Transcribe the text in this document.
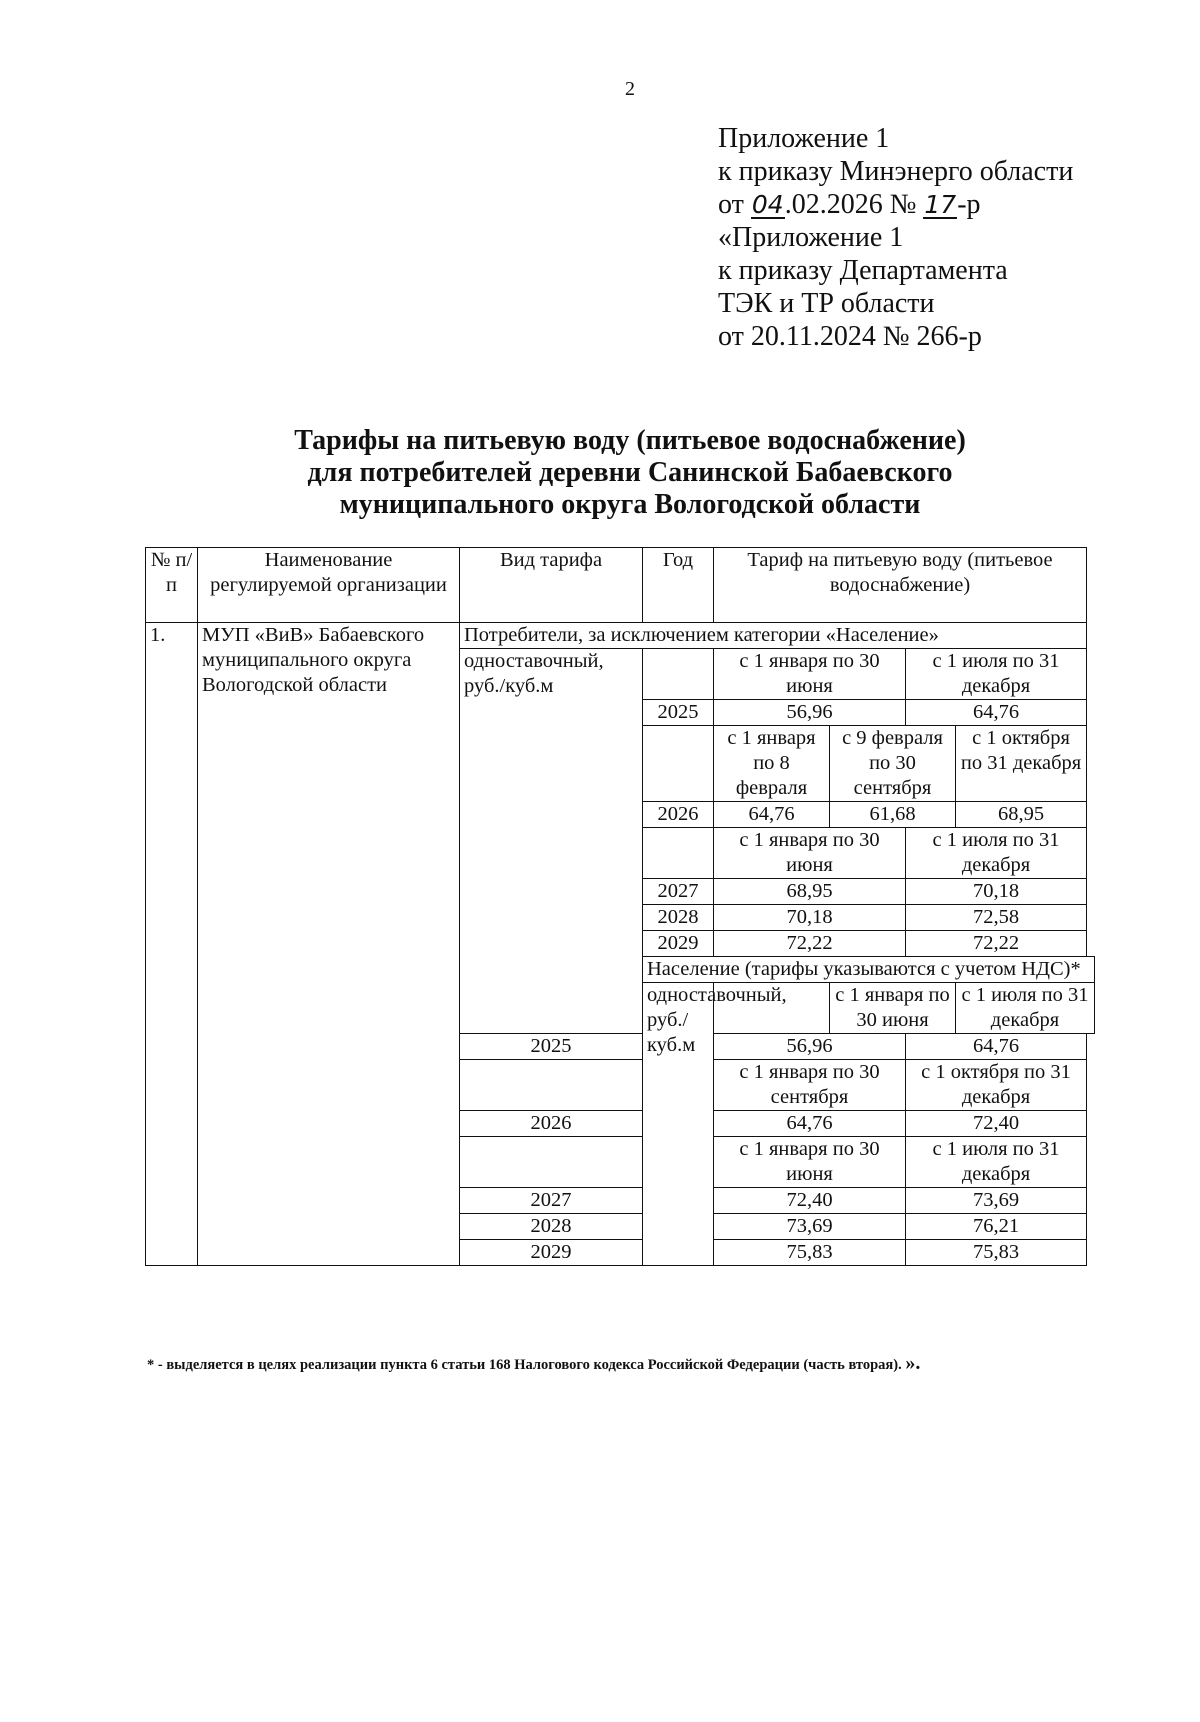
2
Приложение 1
к приказу Минэнерго области
от 04.02.2026 № 17-р
«Приложение 1
к приказу Департамента
ТЭК и ТР области
от 20.11.2024 № 266-р
Тарифы на питьевую воду (питьевое водоснабжение)
для потребителей деревни Санинской Бабаевского
муниципального округа Вологодской области
№ п/п	Наименование регулируемой организации	Вид тарифа	Год	Тариф на питьевую воду (питьевое водоснабжение)			
1.	МУП «ВиВ» Бабаевского муниципального округа Вологодской области	Потребители, за исключением категории «Население»					
		одноставочный, руб./куб.м		с 1 января по 30 июня		с 1 июля по 31 декабря	
			2025	56,96		64,76	
				с 1 января по 8 февраля	с 9 февраля по 30 сентября		с 1 октября по 31 декабря
			2026	64,76	61,68		68,95
				с 1 января по 30 июня		с 1 июля по 31 декабря	
			2027	68,95		70,18	
			2028	70,18		72,58	
			2029	72,22		72,22	
			Население (тарифы указываются с учетом НДС)*				
			одноставочный, руб./куб.м		с 1 января по 30 июня		с 1 июля по 31 декабря
		2025		56,96		64,76	
				с 1 января по 30 сентября		с 1 октября по 31 декабря	
		2026		64,76		72,40	
				с 1 января по 30 июня		с 1 июля по 31 декабря	
		2027		72,40		73,69	
		2028		73,69		76,21	
		2029		75,83		75,83	
* - выделяется в целях реализации пункта 6 статьи 168 Налогового кодекса Российской Федерации (часть вторая). ».
